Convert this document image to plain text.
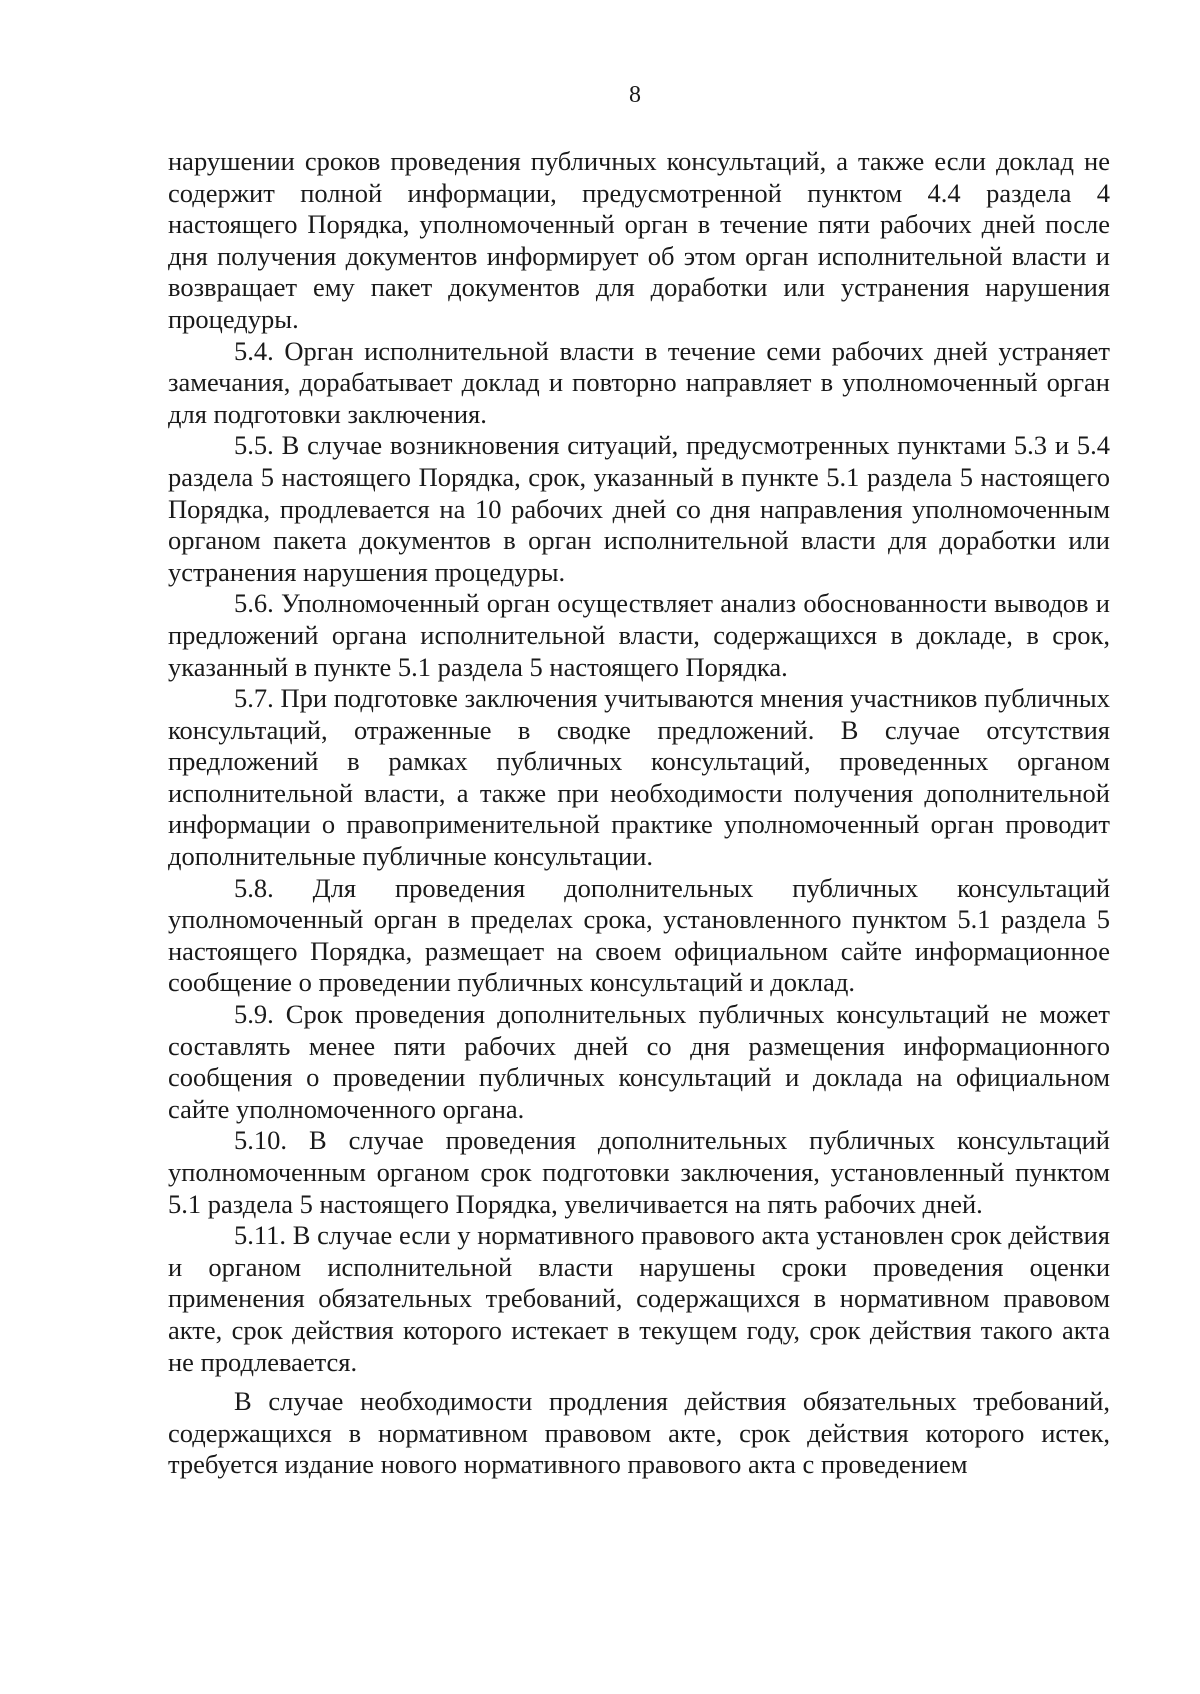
8

нарушении сроков проведения публичных консультаций, а также если доклад не содержит полной информации, предусмотренной пунктом 4.4 раздела 4 настоящего Порядка, уполномоченный орган в течение пяти рабочих дней после дня получения документов информирует об этом орган исполнительной власти и возвращает ему пакет документов для доработки или устранения нарушения процедуры.

5.4. Орган исполнительной власти в течение семи рабочих дней устраняет замечания, дорабатывает доклад и повторно направляет в уполномоченный орган для подготовки заключения.

5.5. В случае возникновения ситуаций, предусмотренных пунктами 5.3 и 5.4 раздела 5 настоящего Порядка, срок, указанный в пункте 5.1 раздела 5 настоящего Порядка, продлевается на 10 рабочих дней со дня направления уполномоченным органом пакета документов в орган исполнительной власти для доработки или устранения нарушения процедуры.

5.6. Уполномоченный орган осуществляет анализ обоснованности выводов и предложений органа исполнительной власти, содержащихся в докладе, в срок, указанный в пункте 5.1 раздела 5 настоящего Порядка.

5.7. При подготовке заключения учитываются мнения участников публичных консультаций, отраженные в сводке предложений. В случае отсутствия предложений в рамках публичных консультаций, проведенных органом исполнительной власти, а также при необходимости получения дополнительной информации о правоприменительной практике уполномоченный орган проводит дополнительные публичные консультации.

5.8. Для проведения дополнительных публичных консультаций уполномоченный орган в пределах срока, установленного пунктом 5.1 раздела 5 настоящего Порядка, размещает на своем официальном сайте информационное сообщение о проведении публичных консультаций и доклад.

5.9. Срок проведения дополнительных публичных консультаций не может составлять менее пяти рабочих дней со дня размещения информационного сообщения о проведении публичных консультаций и доклада на официальном сайте уполномоченного органа.

5.10. В случае проведения дополнительных публичных консультаций уполномоченным органом срок подготовки заключения, установленный пунктом 5.1 раздела 5 настоящего Порядка, увеличивается на пять рабочих дней.

5.11. В случае если у нормативного правового акта установлен срок действия и органом исполнительной власти нарушены сроки проведения оценки применения обязательных требований, содержащихся в нормативном правовом акте, срок действия которого истекает в текущем году, срок действия такого акта не продлевается.

В случае необходимости продления действия обязательных требований, содержащихся в нормативном правовом акте, срок действия которого истек, требуется издание нового нормативного правового акта с проведением
